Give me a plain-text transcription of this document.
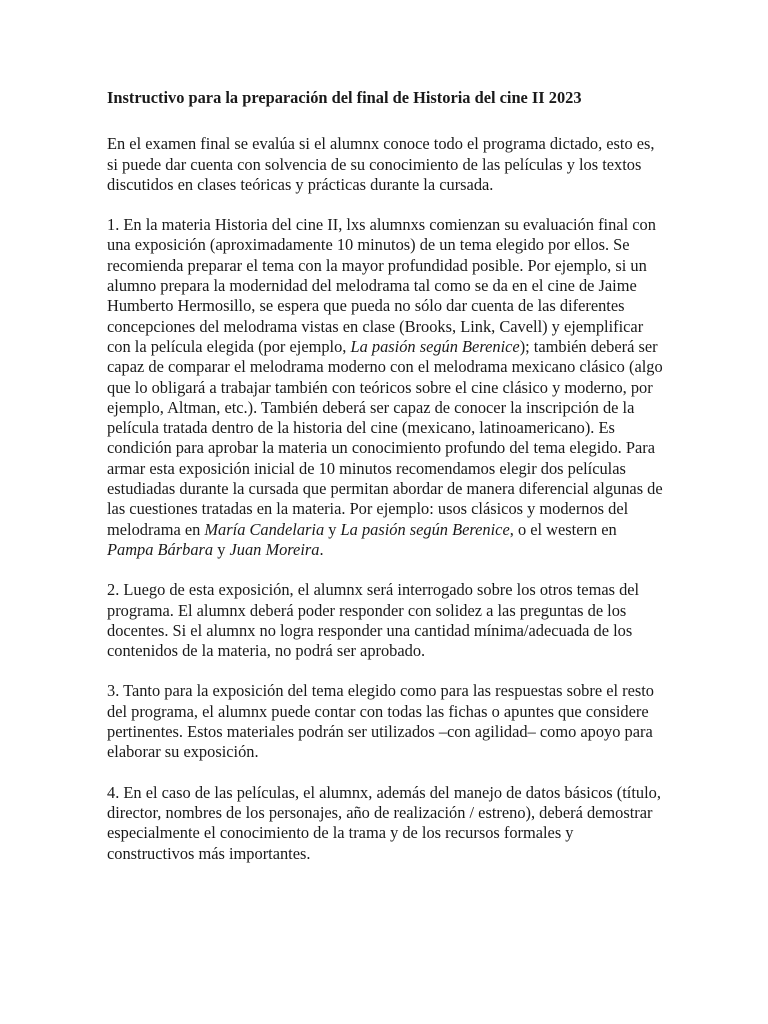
Instructivo para la preparación del final de Historia del cine II 2023

En el examen final se evalúa si el alumnx conoce todo el programa dictado, esto es, si puede dar cuenta con solvencia de su conocimiento de las películas y los textos discutidos en clases teóricas y prácticas durante la cursada.

1. En la materia Historia del cine II, lxs alumnxs comienzan su evaluación final con una exposición (aproximadamente 10 minutos) de un tema elegido por ellos. Se recomienda preparar el tema con la mayor profundidad posible. Por ejemplo, si un alumno prepara la modernidad del melodrama tal como se da en el cine de Jaime Humberto Hermosillo, se espera que pueda no sólo dar cuenta de las diferentes concepciones del melodrama vistas en clase (Brooks, Link, Cavell) y ejemplificar con la película elegida (por ejemplo, La pasión según Berenice); también deberá ser capaz de comparar el melodrama moderno con el melodrama mexicano clásico (algo que lo obligará a trabajar también con teóricos sobre el cine clásico y moderno, por ejemplo, Altman, etc.). También deberá ser capaz de conocer la inscripción de la película tratada dentro de la historia del cine (mexicano, latinoamericano). Es condición para aprobar la materia un conocimiento profundo del tema elegido. Para armar esta exposición inicial de 10 minutos recomendamos elegir dos películas estudiadas durante la cursada que permitan abordar de manera diferencial algunas de las cuestiones tratadas en la materia. Por ejemplo: usos clásicos y modernos del melodrama en María Candelaria y La pasión según Berenice, o el western en Pampa Bárbara y Juan Moreira.

2. Luego de esta exposición, el alumnx será interrogado sobre los otros temas del programa. El alumnx deberá poder responder con solidez a las preguntas de los docentes. Si el alumnx no logra responder una cantidad mínima/adecuada de los contenidos de la materia, no podrá ser aprobado.

3. Tanto para la exposición del tema elegido como para las respuestas sobre el resto del programa, el alumnx puede contar con todas las fichas o apuntes que considere pertinentes. Estos materiales podrán ser utilizados –con agilidad– como apoyo para elaborar su exposición.

4. En el caso de las películas, el alumnx, además del manejo de datos básicos (título, director, nombres de los personajes, año de realización / estreno), deberá demostrar especialmente el conocimiento de la trama y de los recursos formales y constructivos más importantes.
